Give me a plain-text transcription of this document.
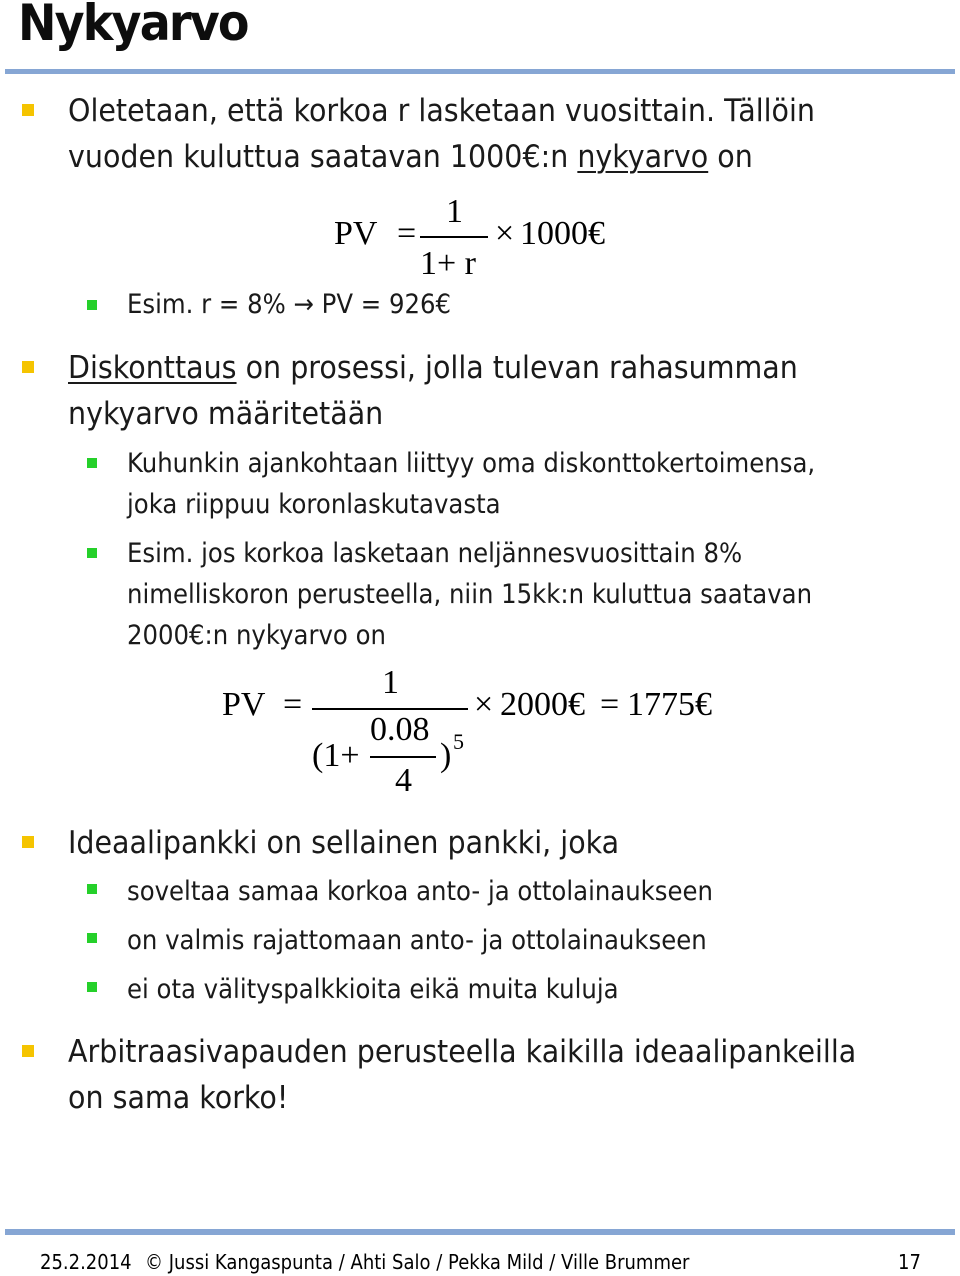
Nykyarvo
Oletetaan, että korkoa r lasketaan vuosittain. Tällöin
vuoden kuluttua saatavan 1000€:n nykyarvo on
PV =
1
1+ r
× 1000€
Esim. r = 8% → PV = 926€
Diskonttaus on prosessi, jolla tulevan rahasumman
nykyarvo määritetään
Kuhunkin ajankohtaan liittyy oma diskonttokertoimensa,
joka riippuu koronlaskutavasta
Esim. jos korkoa lasketaan neljännesvuosittain 8%
nimelliskoron perusteella, niin 15kk:n kuluttua saatavan
2000€:n nykyarvo on
PV =
1
(1+
0.08
4
) 5
× 2000€ = 1775€
Ideaalipankki on sellainen pankki, joka
soveltaa samaa korkoa anto- ja ottolainaukseen
on valmis rajattomaan anto- ja ottolainaukseen
ei ota välityspalkkioita eikä muita kuluja
Arbitraasivapauden perusteella kaikilla ideaalipankeilla
on sama korko!
25.2.2014 © Jussi Kangaspunta / Ahti Salo / Pekka Mild / Ville Brummer	17
